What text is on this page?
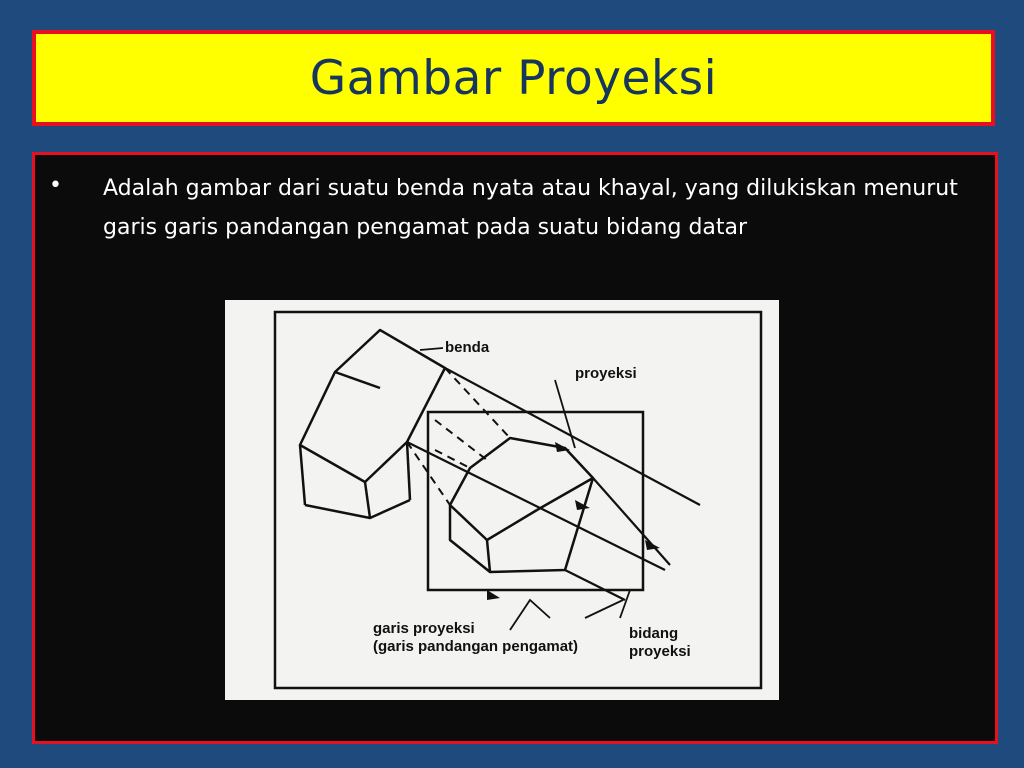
Gambar Proyeksi
• Adalah gambar dari suatu benda nyata atau khayal, yang dilukiskan menurut garis garis pandangan pengamat pada suatu bidang datar
benda
proyeksi
garis proyeksi
(garis pandangan pengamat)
bidang
proyeksi
